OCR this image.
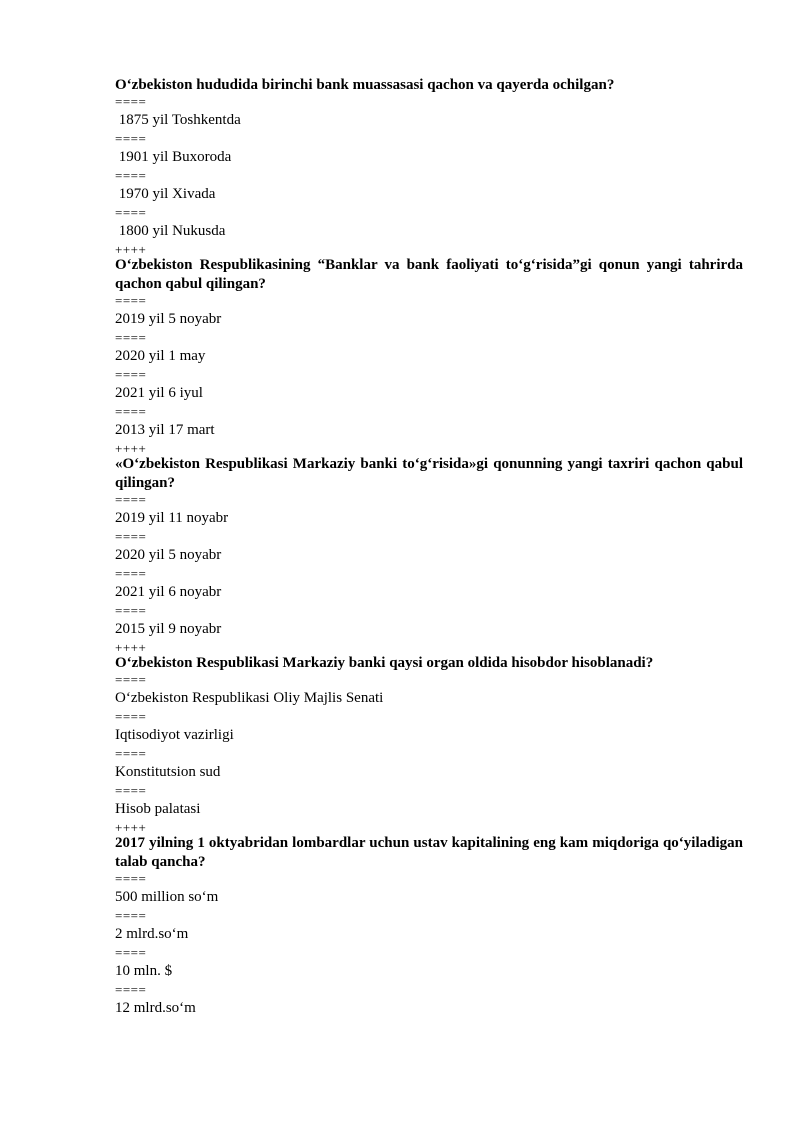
O‘zbekiston hududida birinchi bank muassasasi qachon va qayerda ochilgan?

====
1875 yil Toshkentda
====
1901 yil Buxoroda
====
1970 yil Xivada
====
1800 yil Nukusda
++++

O‘zbekiston Respublikasining “Banklar va bank faoliyati to‘g‘risida”gi qonun yangi tahrirda qachon qabul qilingan?

====
2019 yil 5 noyabr
====
2020 yil 1 may
====
2021 yil 6 iyul
====
2013 yil 17 mart
++++

«O‘zbekiston Respublikasi Markaziy banki to‘g‘risida»gi qonunning yangi taxriri qachon qabul qilingan?

====
2019 yil 11 noyabr
====
2020 yil 5 noyabr
====
2021 yil 6 noyabr
====
2015 yil 9 noyabr
++++

O‘zbekiston Respublikasi Markaziy banki qaysi organ oldida hisobdor hisoblanadi?

====
O‘zbekiston Respublikasi Oliy Majlis Senati
====
Iqtisodiyot vazirligi
====
Konstitutsion sud
====
Hisob palatasi
++++

2017 yilning 1 oktyabridan lombardlar uchun ustav kapitalining eng kam miqdoriga qo‘yiladigan talab qancha?

====
500 million so‘m
====
2 mlrd.so‘m
====
10 mln. $
====
12 mlrd.so‘m
